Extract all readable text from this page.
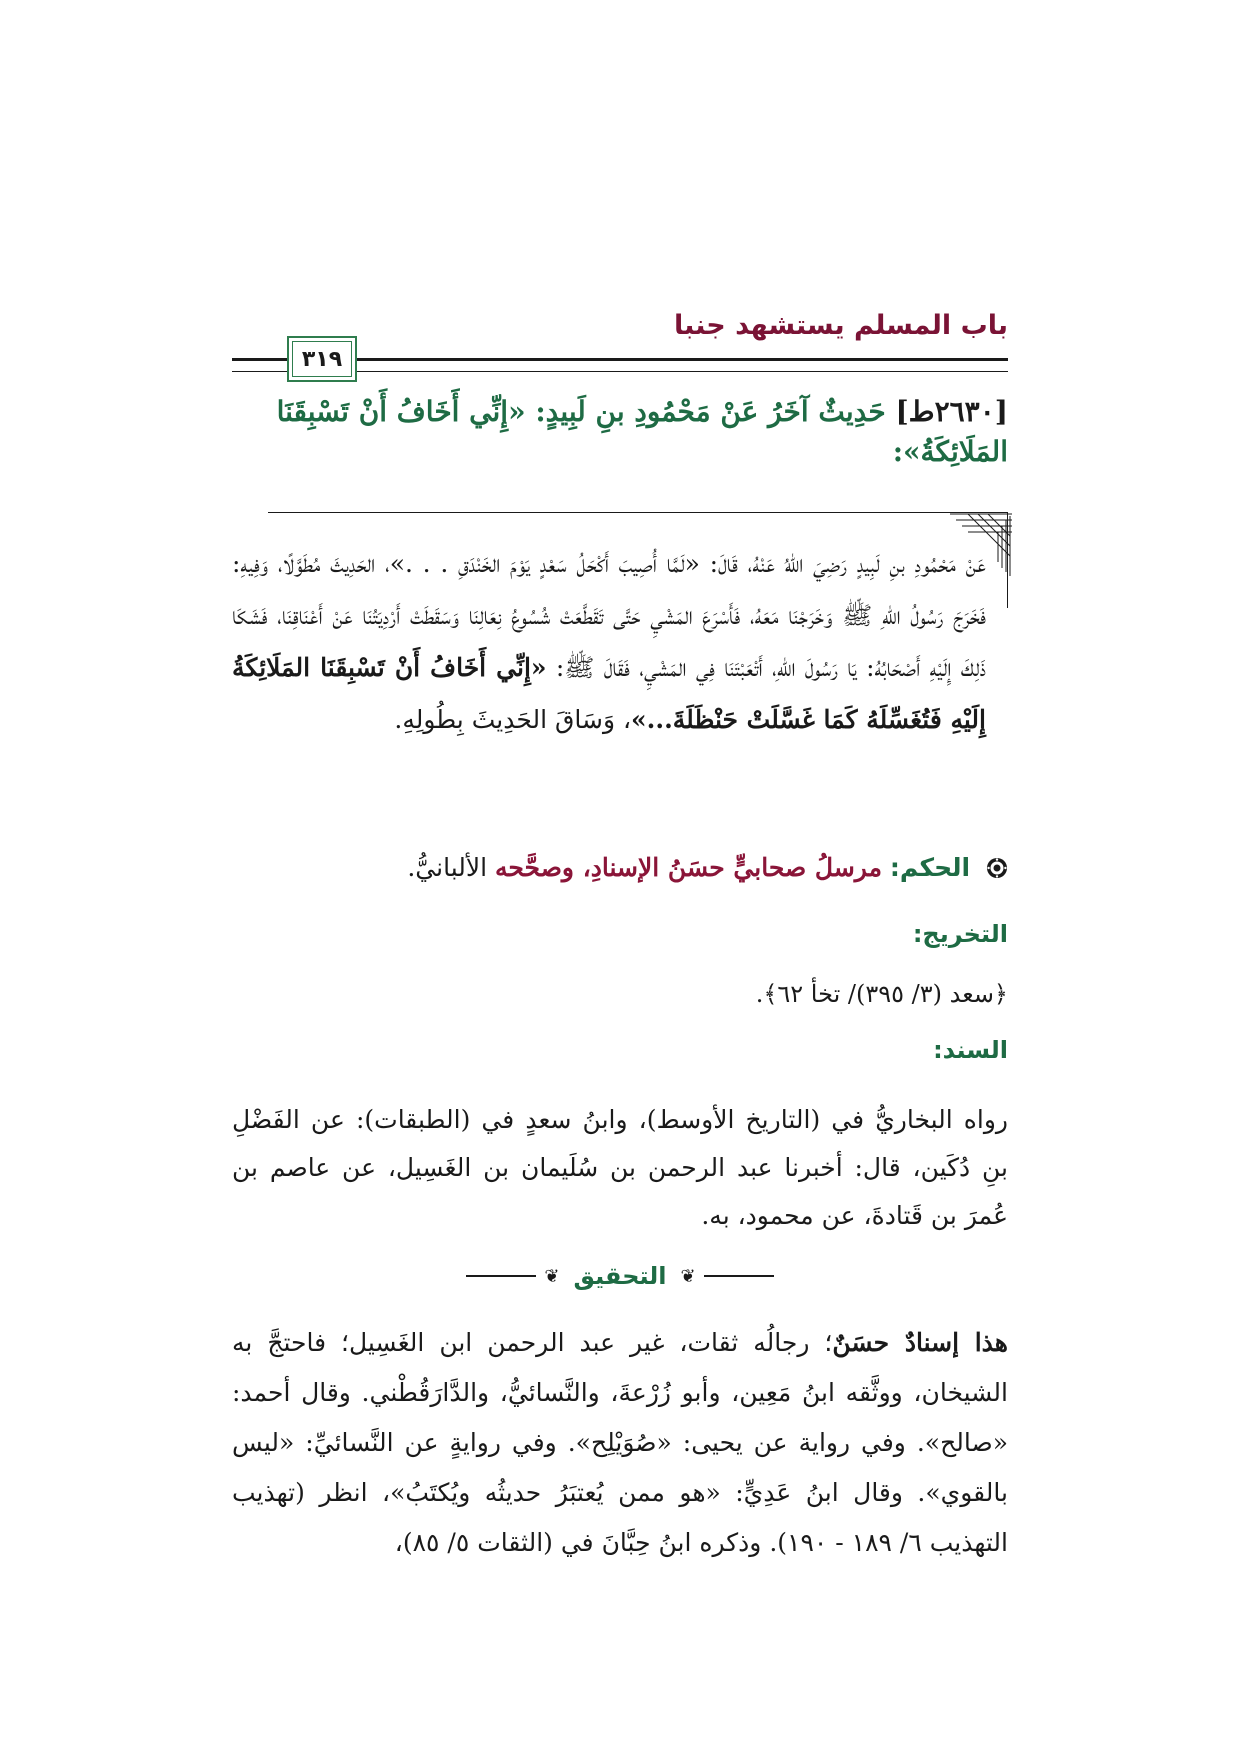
باب المسلم يستشهد جنبا
٣١٩
[٢٦٣٠ط] حَدِيثٌ آخَرُ عَنْ مَحْمُودِ بنِ لَبِيدٍ: «إِنِّي أَخَافُ أَنْ تَسْبِقَنَا المَلَائِكَةُ»:
عَنْ مَحْمُودِ بنِ لَبِيدٍ رَضِيَ اللهُ عَنْهُ، قَالَ: «لَمَّا أُصِيبَ أَكْحَلُ سَعْدٍ يَوْمَ الخَنْدَقِ . . .»، الحَدِيثَ مُطَوَّلًا، وَفِيهِ: فَخَرَجَ رَسُولُ اللهِ ﷺ وَخَرَجْنَا مَعَهُ، فَأَسْرَعَ المَشْيِ حَتَّى تَقَطَّعَتْ شُسُوعُ نِعَالِنَا وَسَقَطَتْ أَرْدِيَتُنَا عَنْ أَعْنَاقِنَا، فَشَكَا ذَلِكَ إِلَيْهِ أَصْحَابُهُ: يَا رَسُولَ اللهِ، أَتْعَبْتَنَا فِي المَشْيِ، فَقَالَ ﷺ: «إِنِّي أَخَافُ أَنْ تَسْبِقَنَا المَلَائِكَةُ إِلَيْهِ فَتُغَسِّلَهُ كَمَا غَسَّلَتْ حَنْظَلَةَ...»، وَسَاقَ الحَدِيثَ بِطُولِهِ.
الحكم: مرسلُ صحابيٍّ حسَنُ الإسنادِ، وصحَّحه الألبانيُّ.
التخريج:
﴿سعد (٣/ ٣٩٥)/ تخأ ٦٢﴾.
السند:
رواه البخاريُّ في (التاريخ الأوسط)، وابنُ سعدٍ في (الطبقات): عن الفَضْلِ بنِ دُكَين، قال: أخبرنا عبد الرحمن بن سُلَيمان بن الغَسِيل، عن عاصم بن عُمرَ بن قَتادةَ، عن محمود، به.
❦
التحقيق
❦
هذا إسنادٌ حسَنٌ؛ رجالُه ثقات، غير عبد الرحمن ابن الغَسِيل؛ فاحتجَّ به الشيخان، ووثَّقه ابنُ مَعِين، وأبو زُرْعةَ، والنَّسائيُّ، والدَّارَقُطْني. وقال أحمد: «صالح». وفي رواية عن يحيى: «صُوَيْلِح». وفي روايةٍ عن النَّسائيِّ: «ليس بالقوي». وقال ابنُ عَدِيٍّ: «هو ممن يُعتبَرُ حديثُه ويُكتَبُ»، انظر (تهذيب التهذيب ٦/ ١٨٩ - ١٩٠). وذكره ابنُ حِبَّانَ في (الثقات ٥/ ٨٥)،
